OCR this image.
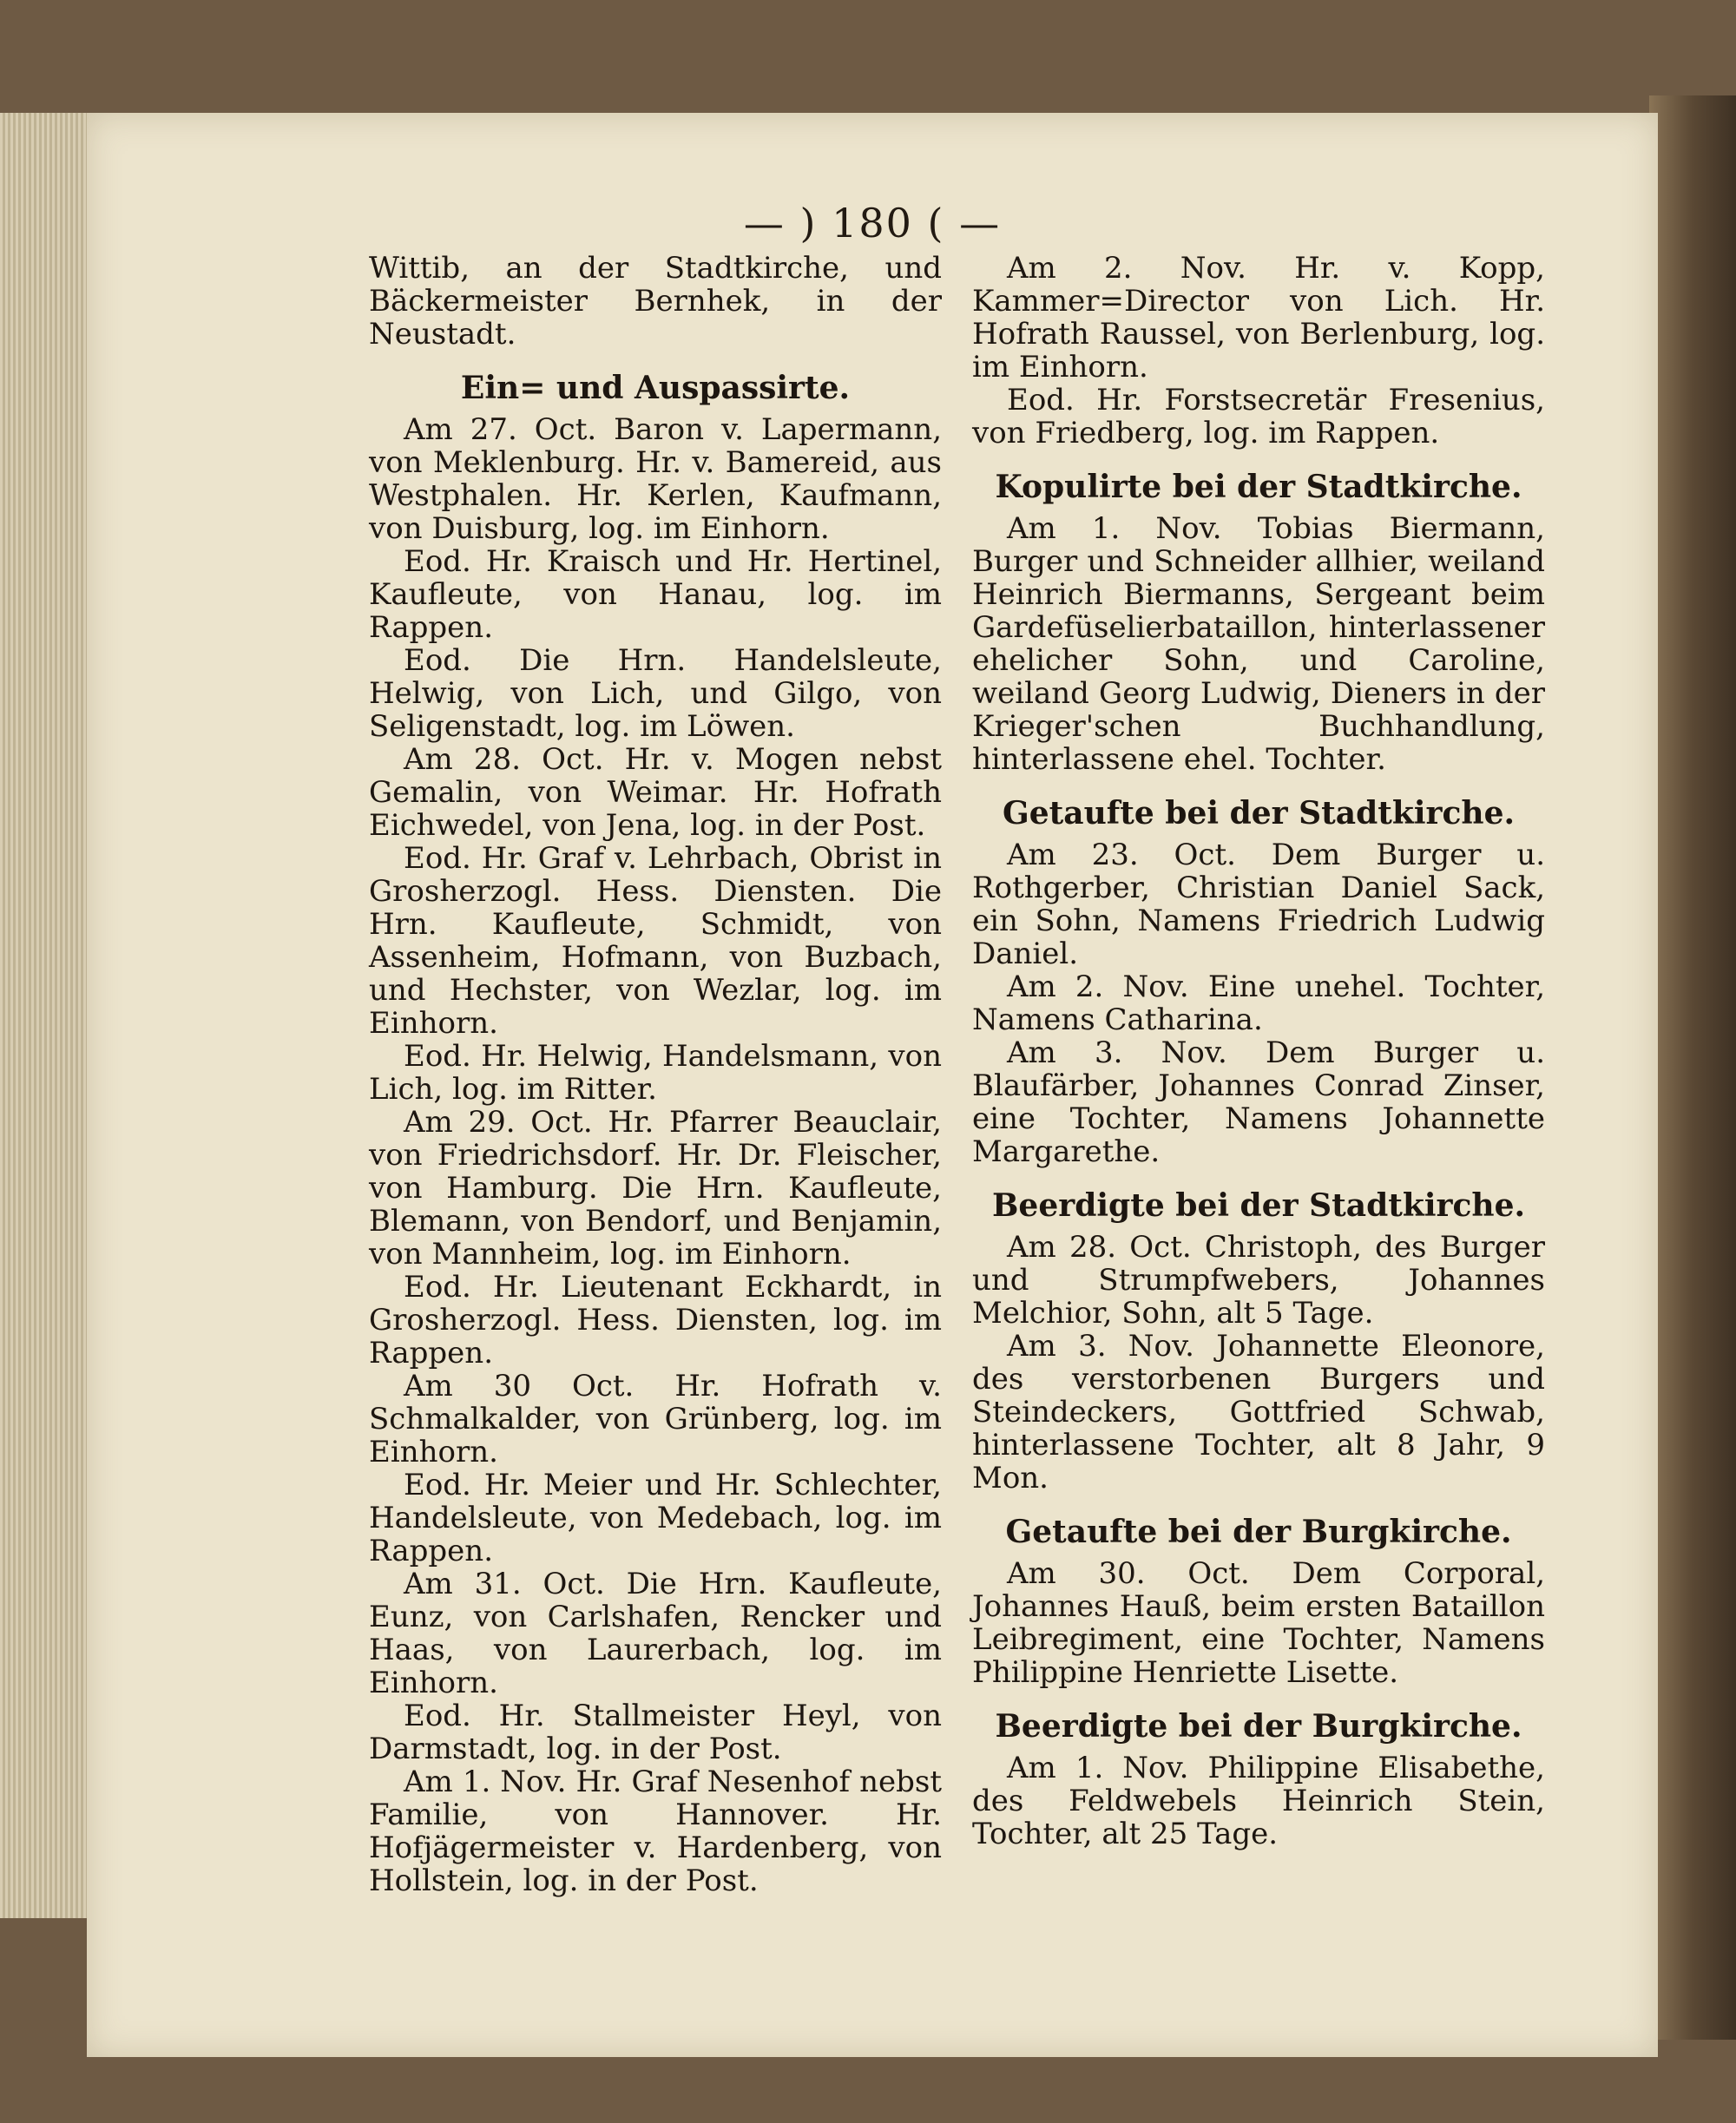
— ) 180 ( —

Wittib, an der Stadtkirche, und Bäckermeister Bernhek, in der Neustadt.

Ein= und Auspassirte.

Am 27. Oct. Baron v. Lapermann, von Meklenburg. Hr. v. Bamereid, aus Westphalen. Hr. Kerlen, Kaufmann, von Duisburg, log. im Einhorn.

Eod. Hr. Kraisch und Hr. Hertinel, Kaufleute, von Hanau, log. im Rappen.

Eod. Die Hrn. Handelsleute, Helwig, von Lich, und Gilgo, von Seligenstadt, log. im Löwen.

Am 28. Oct. Hr. v. Mogen nebst Gemalin, von Weimar. Hr. Hofrath Eichwedel, von Jena, log. in der Post.

Eod. Hr. Graf v. Lehrbach, Obrist in Grosherzogl. Hess. Diensten. Die Hrn. Kaufleute, Schmidt, von Assenheim, Hofmann, von Buzbach, und Hechster, von Wezlar, log. im Einhorn.

Eod. Hr. Helwig, Handelsmann, von Lich, log. im Ritter.

Am 29. Oct. Hr. Pfarrer Beauclair, von Friedrichsdorf. Hr. Dr. Fleischer, von Hamburg. Die Hrn. Kaufleute, Blemann, von Bendorf, und Benjamin, von Mannheim, log. im Einhorn.

Eod. Hr. Lieutenant Eckhardt, in Grosherzogl. Hess. Diensten, log. im Rappen.

Am 30 Oct. Hr. Hofrath v. Schmalkalder, von Grünberg, log. im Einhorn.

Eod. Hr. Meier und Hr. Schlechter, Handelsleute, von Medebach, log. im Rappen.

Am 31. Oct. Die Hrn. Kaufleute, Eunz, von Carlshafen, Rencker und Haas, von Laurerbach, log. im Einhorn.

Eod. Hr. Stallmeister Heyl, von Darmstadt, log. in der Post.

Am 1. Nov. Hr. Graf Nesenhof nebst Familie, von Hannover. Hr. Hofjägermeister v. Hardenberg, von Hollstein, log. in der Post.

Am 2. Nov. Hr. v. Kopp, Kammer=Director von Lich. Hr. Hofrath Raussel, von Berlenburg, log. im Einhorn.

Eod. Hr. Forstsecretär Fresenius, von Friedberg, log. im Rappen.

Kopulirte bei der Stadtkirche.

Am 1. Nov. Tobias Biermann, Burger und Schneider allhier, weiland Heinrich Biermanns, Sergeant beim Gardefüselierbataillon, hinterlassener ehelicher Sohn, und Caroline, weiland Georg Ludwig, Dieners in der Krieger'schen Buchhandlung, hinterlassene ehel. Tochter.

Getaufte bei der Stadtkirche.

Am 23. Oct. Dem Burger u. Rothgerber, Christian Daniel Sack, ein Sohn, Namens Friedrich Ludwig Daniel.

Am 2. Nov. Eine unehel. Tochter, Namens Catharina.

Am 3. Nov. Dem Burger u. Blaufärber, Johannes Conrad Zinser, eine Tochter, Namens Johannette Margarethe.

Beerdigte bei der Stadtkirche.

Am 28. Oct. Christoph, des Burger und Strumpfwebers, Johannes Melchior, Sohn, alt 5 Tage.

Am 3. Nov. Johannette Eleonore, des verstorbenen Burgers und Steindeckers, Gottfried Schwab, hinterlassene Tochter, alt 8 Jahr, 9 Mon.

Getaufte bei der Burgkirche.

Am 30. Oct. Dem Corporal, Johannes Hauß, beim ersten Bataillon Leibregiment, eine Tochter, Namens Philippine Henriette Lisette.

Beerdigte bei der Burgkirche.

Am 1. Nov. Philippine Elisabethe, des Feldwebels Heinrich Stein, Tochter, alt 25 Tage.
